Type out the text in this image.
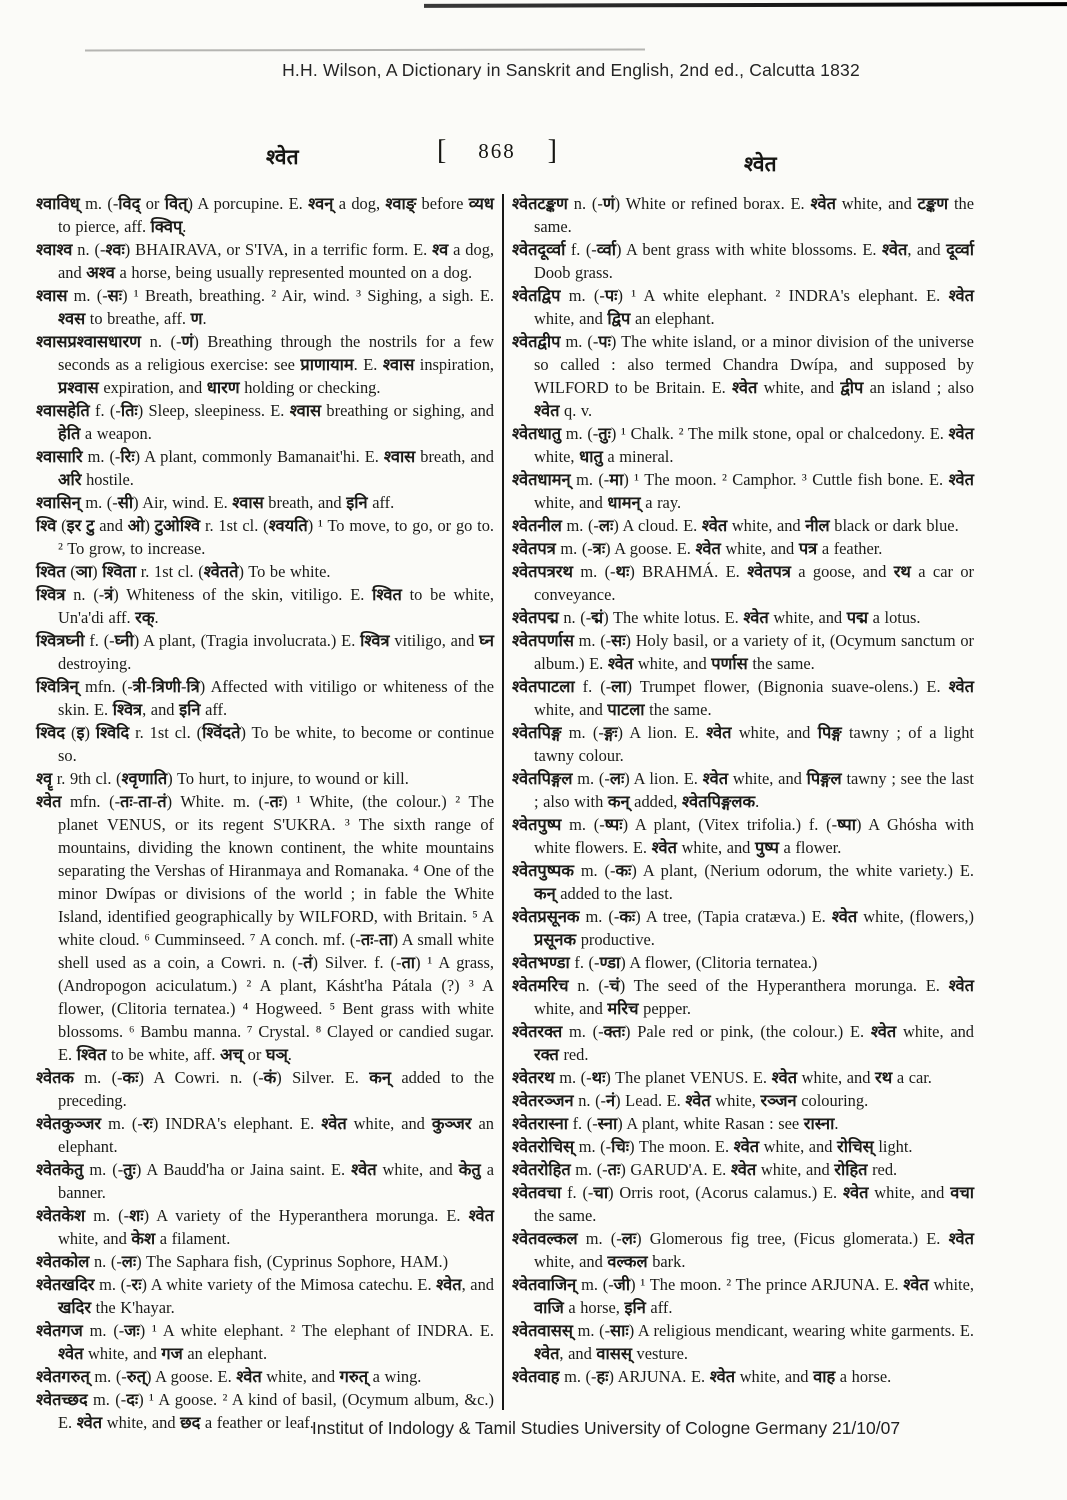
H.H. Wilson, A Dictionary in Sanskrit and English, 2nd ed., Calcutta 1832
श्वेत	[ 868 ]	श्वेत

श्वाविध् m. (-विद् or वित्) A porcupine. E. श्वन् a dog, श्वाङ् before व्यध to pierce, aff. क्विप्.

श्वाश्व n. (-श्वः) BHAIRAVA, or S'IVA, in a terrific form. E. श्व a dog, and अश्व a horse, being usually represented mounted on a dog.

श्वास m. (-सः) ¹ Breath, breathing. ² Air, wind. ³ Sighing, a sigh. E. श्वस to breathe, aff. ण.

श्वासप्रश्वासधारण n. (-णं) Breathing through the nostrils for a few seconds as a religious exercise: see प्राणायाम. E. श्वास inspiration, प्रश्वास expiration, and धारण holding or checking.

श्वासहेति f. (-तिः) Sleep, sleepiness. E. श्वास breathing or sighing, and हेति a weapon.

श्वासारि m. (-रिः) A plant, commonly Bamanait'hi. E. श्वास breath, and अरि hostile.

श्वासिन् m. (-सी) Air, wind. E. श्वास breath, and इनि aff.

श्वि (इर टु and ओ) टुओश्वि r. 1st cl. (श्वयति) ¹ To move, to go, or go to. ² To grow, to increase.

श्वित (ञा) श्विता r. 1st cl. (श्वेतते) To be white.

श्वित्र n. (-त्रं) Whiteness of the skin, vitiligo. E. श्वित to be white, Un'a'di aff. रक्.

श्वित्रघ्नी f. (-घ्नी) A plant, (Tragia involucrata.) E. श्वित्र vitiligo, and घ्न destroying.

श्वित्रिन् mfn. (-त्री-त्रिणी-त्रि) Affected with vitiligo or whiteness of the skin. E. श्वित्र, and इनि aff.

श्विद (इ) श्विदि r. 1st cl. (श्विंदते) To be white, to become or continue so.

श्वॄ r. 9th cl. (श्वृणाति) To hurt, to injure, to wound or kill.

श्वेत mfn. (-तः-ता-तं) White. m. (-तः) ¹ White, (the colour.) ² The planet VENUS, or its regent S'UKRA. ³ The sixth range of mountains, dividing the known continent, the white mountains separating the Vershas of Hiranmaya and Romanaka. ⁴ One of the minor Dwípas or divisions of the world ; in fable the White Island, identified geographically by WILFORD, with Britain. ⁵ A white cloud. ⁶ Cumminseed. ⁷ A conch. mf. (-तः-ता) A small white shell used as a coin, a Cowri. n. (-तं) Silver. f. (-ता) ¹ A grass, (Andropogon aciculatum.) ² A plant, Kásht'ha Pátala (?) ³ A flower, (Clitoria ternatea.) ⁴ Hogweed. ⁵ Bent grass with white blossoms. ⁶ Bambu manna. ⁷ Crystal. ⁸ Clayed or candied sugar. E. श्वित to be white, aff. अच् or घञ्.

श्वेतक m. (-कः) A Cowri. n. (-कं) Silver. E. कन् added to the preceding.

श्वेतकुञ्जर m. (-रः) INDRA's elephant. E. श्वेत white, and कुञ्जर an elephant.

श्वेतकेतु m. (-तुः) A Baudd'ha or Jaina saint. E. श्वेत white, and केतु a banner.

श्वेतकेश m. (-शः) A variety of the Hyperanthera morunga. E. श्वेत white, and केश a filament.

श्वेतकोल n. (-लः) The Saphara fish, (Cyprinus Sophore, HAM.)

श्वेतखदिर m. (-रः) A white variety of the Mimosa catechu. E. श्वेत, and खदिर the K'hayar.

श्वेतगज m. (-जः) ¹ A white elephant. ² The elephant of INDRA. E. श्वेत white, and गज an elephant.

श्वेतगरुत् m. (-रुत्) A goose. E. श्वेत white, and गरुत् a wing.

श्वेतच्छद m. (-दः) ¹ A goose. ² A kind of basil, (Ocymum album, &c.) E. श्वेत white, and छद a feather or leaf.

श्वेतटङ्कण n. (-णं) White or refined borax. E. श्वेत white, and टङ्कण the same.

श्वेतदूर्व्वा f. (-र्व्वा) A bent grass with white blossoms. E. श्वेत, and दूर्व्वा Doob grass.

श्वेतद्विप m. (-पः) ¹ A white elephant. ² INDRA's elephant. E. श्वेत white, and द्विप an elephant.

श्वेतद्वीप m. (-पः) The white island, or a minor division of the universe so called : also termed Chandra Dwípa, and supposed by WILFORD to be Britain. E. श्वेत white, and द्वीप an island ; also श्वेत q. v.

श्वेतधातु m. (-तुः) ¹ Chalk. ² The milk stone, opal or chalcedony. E. श्वेत white, धातु a mineral.

श्वेतधामन् m. (-मा) ¹ The moon. ² Camphor. ³ Cuttle fish bone. E. श्वेत white, and धामन् a ray.

श्वेतनील m. (-लः) A cloud. E. श्वेत white, and नील black or dark blue.

श्वेतपत्र m. (-त्रः) A goose. E. श्वेत white, and पत्र a feather.

श्वेतपत्ररथ m. (-थः) BRAHMÁ. E. श्वेतपत्र a goose, and रथ a car or conveyance.

श्वेतपद्म n. (-द्मं) The white lotus. E. श्वेत white, and पद्म a lotus.

श्वेतपर्णास m. (-सः) Holy basil, or a variety of it, (Ocymum sanctum or album.) E. श्वेत white, and पर्णास the same.

श्वेतपाटला f. (-ला) Trumpet flower, (Bignonia suave-olens.) E. श्वेत white, and पाटला the same.

श्वेतपिङ्ग m. (-ङ्गः) A lion. E. श्वेत white, and पिङ्ग tawny ; of a light tawny colour.

श्वेतपिङ्गल m. (-लः) A lion. E. श्वेत white, and पिङ्गल tawny ; see the last ; also with कन् added, श्वेतपिङ्गलक.

श्वेतपुष्प m. (-ष्पः) A plant, (Vitex trifolia.) f. (-ष्पा) A Ghósha with white flowers. E. श्वेत white, and पुष्प a flower.

श्वेतपुष्पक m. (-कः) A plant, (Nerium odorum, the white variety.) E. कन् added to the last.

श्वेतप्रसूनक m. (-कः) A tree, (Tapia cratæva.) E. श्वेत white, (flowers,) प्रसूनक productive.

श्वेतभण्डा f. (-ण्डा) A flower, (Clitoria ternatea.)

श्वेतमरिच n. (-चं) The seed of the Hyperanthera morunga. E. श्वेत white, and मरिच pepper.

श्वेतरक्त m. (-क्तः) Pale red or pink, (the colour.) E. श्वेत white, and रक्त red.

श्वेतरथ m. (-थः) The planet VENUS. E. श्वेत white, and रथ a car.

श्वेतरञ्जन n. (-नं) Lead. E. श्वेत white, रञ्जन colouring.

श्वेतरास्ना f. (-स्ना) A plant, white Rasan : see रास्ना.

श्वेतरोचिस् m. (-चिः) The moon. E. श्वेत white, and रोचिस् light.

श्वेतरोहित m. (-तः) GARUD'A. E. श्वेत white, and रोहित red.

श्वेतवचा f. (-चा) Orris root, (Acorus calamus.) E. श्वेत white, and वचा the same.

श्वेतवल्कल m. (-लः) Glomerous fig tree, (Ficus glomerata.) E. श्वेत white, and वल्कल bark.

श्वेतवाजिन् m. (-जी) ¹ The moon. ² The prince ARJUNA. E. श्वेत white, वाजि a horse, इनि aff.

श्वेतवासस् m. (-साः) A religious mendicant, wearing white garments. E. श्वेत, and वासस् vesture.

श्वेतवाह m. (-हः) ARJUNA. E. श्वेत white, and वाह a horse.

Institut of Indology & Tamil Studies University of Cologne Germany 21/10/07
